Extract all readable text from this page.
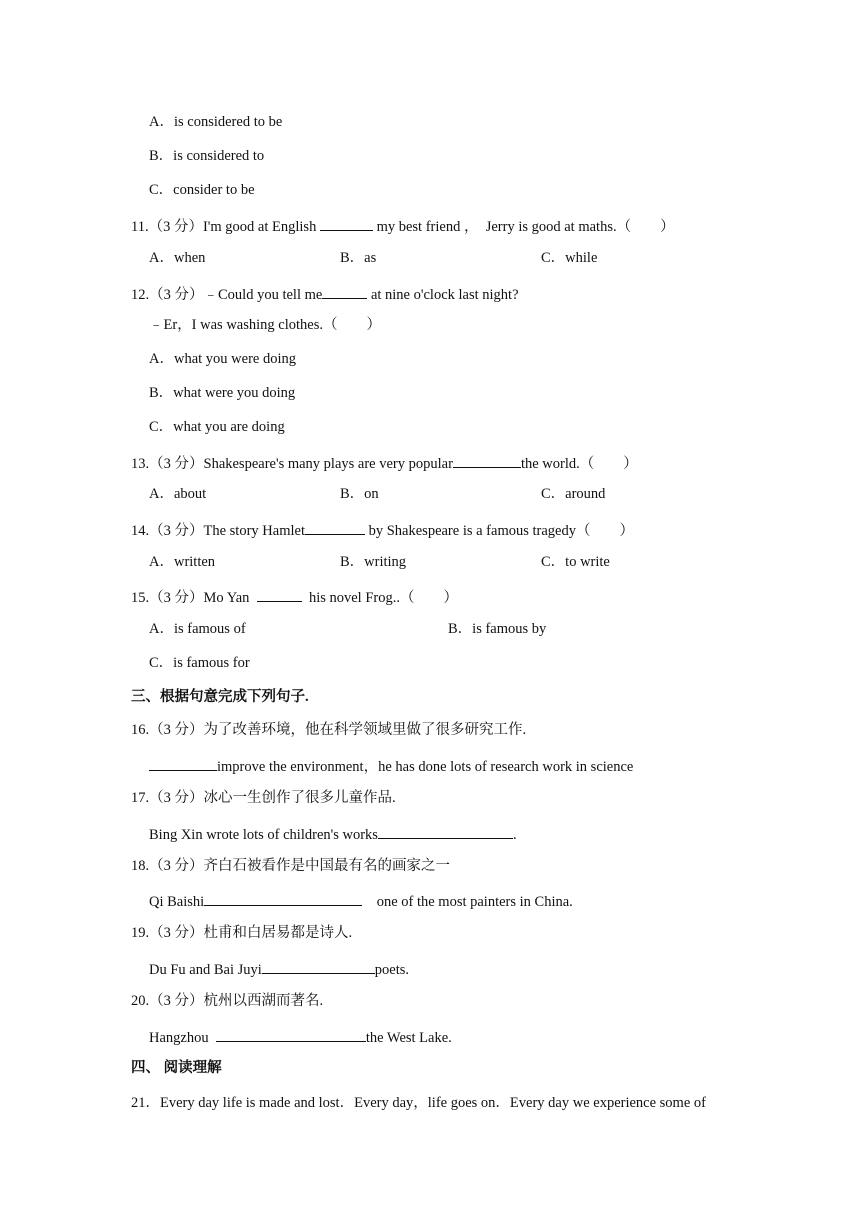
A．is considered to be
B．is considered to
C．consider to be
11.（3 分）I'm good at English	my best friend ，  Jerry is good at maths.（　　）
A．when	B．as	C．while
12.（3 分）﹣Could you tell me	at nine o'clock last night?
﹣Er，I was washing clothes.（　　）
A．what you were doing
B．what were you doing
C．what you are doing
13.（3 分）Shakespeare's many plays are very popular	the world.（　　）
A．about	B．on	C．around
14.（3 分）The story Hamlet	by Shakespeare is a famous tragedy（　　）
A．written	B．writing	C．to write
15.（3 分）Mo Yan	his novel Frog..（　　）
A．is famous of	B．is famous by
C．is famous for
三、根据句意完成下列句子.
16.（3 分）为了改善环境，他在科学领域里做了很多研究工作.
improve the environment，he has done lots of research work in science
17.（3 分）冰心一生创作了很多儿童作品.
Bing Xin wrote lots of children's works	.
18.（3 分）齐白石被看作是中国最有名的画家之一
Qi Baishi	one of the most painters in China.
19.（3 分）杜甫和白居易都是诗人.
Du Fu and Bai Juyi	poets.
20.（3 分）杭州以西湖而著名.
Hangzhou	the West Lake.
四、 阅读理解
21．Every day life is made and lost．Every day，life goes on．Every day we experience some of
